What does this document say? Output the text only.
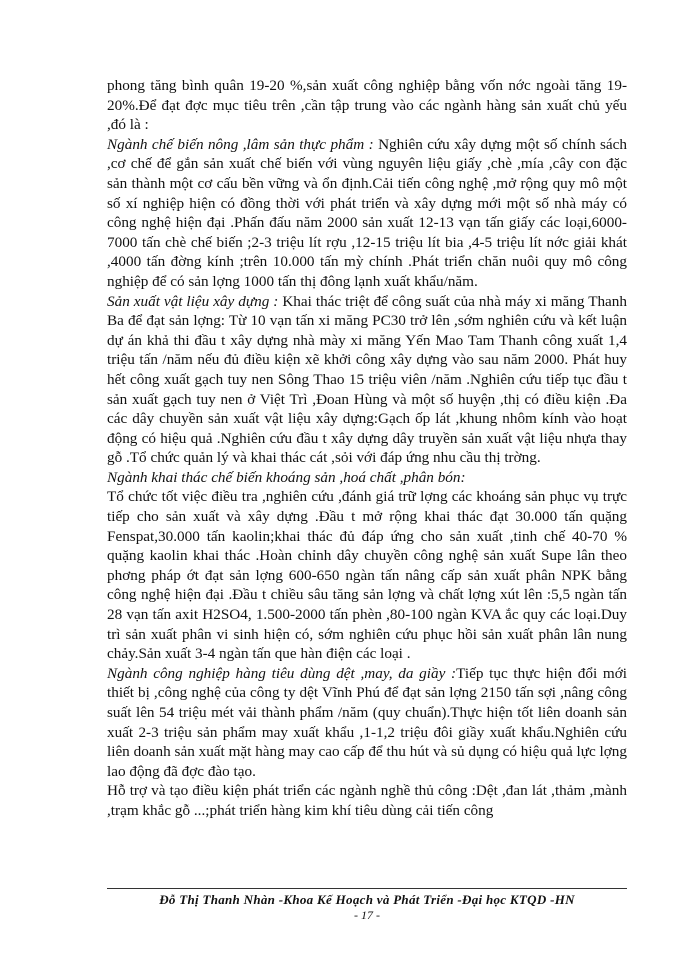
phong tăng bình quân 19-20 %,sản xuất công nghiệp bằng vốn nớc ngoài tăng 19-20%.Để đạt đợc mục tiêu trên ,cần tập trung vào các ngành hàng sản xuất chủ yếu ,đó là :

Ngành chế biến nông ,lâm sản thực phẩm : Nghiên cứu xây dựng một số chính sách ,cơ chế để gắn sản xuất chế biến với vùng nguyên liệu giấy ,chè ,mía ,cây con đặc sản thành một cơ cấu bền vững và ổn định.Cải tiến công nghệ ,mở rộng quy mô một số xí nghiệp hiện có đồng thời với phát triển và xây dựng mới một số nhà máy có công nghệ hiện đại .Phấn đấu năm 2000 sản xuất 12-13 vạn tấn giấy các loại,6000-7000 tấn chè chế biến ;2-3 triệu lít rợu ,12-15 triệu lít bia ,4-5 triệu lít nớc giải khát ,4000 tấn đờng kính ;trên 10.000 tấn mỳ chính .Phát triển chăn nuôi quy mô công nghiệp để có sản lợng 1000 tấn thị đông lạnh xuất khẩu/năm.

Sản xuất vật liệu xây dựng : Khai thác triệt để công suất của nhà máy xi măng Thanh Ba để đạt sản lợng: Từ 10 vạn tấn xi măng PC30 trở lên ,sớm nghiên cứu và kết luận dự án khả thi đầu t xây dựng nhà mày xi măng Yến Mao Tam Thanh công xuất 1,4 triệu tấn /năm nếu đủ điều kiện xẽ khởi công xây dựng vào sau năm 2000. Phát huy hết công xuất gạch tuy nen Sông Thao 15 triệu viên /năm .Nghiên cứu tiếp tục đầu t sản xuất gạch tuy nen ở Việt Trì ,Đoan Hùng và một số huyện ,thị có điều kiện .Đa các dây chuyền sản xuất vật liệu xây dựng:Gạch ốp lát ,khung nhôm kính vào hoạt động có hiệu quả .Nghiên cứu đầu t xây dựng dây truyền sản xuất vật liệu nhựa thay gỗ .Tổ chức quản lý và khai thác cát ,sỏi với đáp ứng nhu cầu thị trờng.

Ngành khai thác chế biến khoáng sản ,hoá chất ,phân bón:

Tổ chức tốt việc điều tra ,nghiên cứu ,đánh giá trữ lợng các khoáng sản phục vụ trực tiếp cho sản xuất và xây dựng .Đầu t mở rộng khai thác đạt 30.000 tấn quặng Fenspat,30.000 tấn kaolin;khai thác đủ đáp ứng cho sản xuất ,tinh chế 40-70 % quặng kaolin khai thác .Hoàn chỉnh dây chuyền công nghệ sản xuất Supe lân theo phơng pháp ớt đạt sản lợng 600-650 ngàn tấn nâng cấp sản xuất phân NPK bằng công nghệ hiện đại .Đầu t chiều sâu tăng sản lợng và chất lợng xút lên :5,5 ngàn tấn 28 vạn tấn axit H2SO4, 1.500-2000 tấn phèn ,80-100 ngàn KVA ắc quy các loại.Duy trì sản xuất phân vi sinh hiện có, sớm nghiên cứu phục hồi sản xuất phân lân nung chảy.Sản xuất 3-4 ngàn tấn que hàn điện các loại .

Ngành công nghiệp hàng tiêu dùng dệt ,may, da giầy :Tiếp tục thực hiện đổi mới thiết bị ,công nghệ của công ty dệt Vĩnh Phú để đạt sản lợng 2150 tấn sợi ,nâng công suất lên 54 triệu mét vải thành phẩm /năm (quy chuẩn).Thực hiện tốt liên doanh sản xuất 2-3 triệu sản phẩm may xuất khẩu ,1-1,2 triệu đôi giầy xuất khẩu.Nghiên cứu liên doanh sản xuất mặt hàng may cao cấp để thu hút và sủ dụng có hiệu quả lực lợng lao động đã đợc đào tạo.

Hỗ trợ và tạo điều kiện phát triển các ngành nghề thủ công :Dệt ,đan lát ,thảm ,mành ,trạm khắc gỗ ...;phát triển hàng kim khí tiêu dùng cải tiến công

Đỗ Thị Thanh Nhàn -Khoa Kế Hoạch và Phát Triển -Đại học KTQD -HN
- 17 -
